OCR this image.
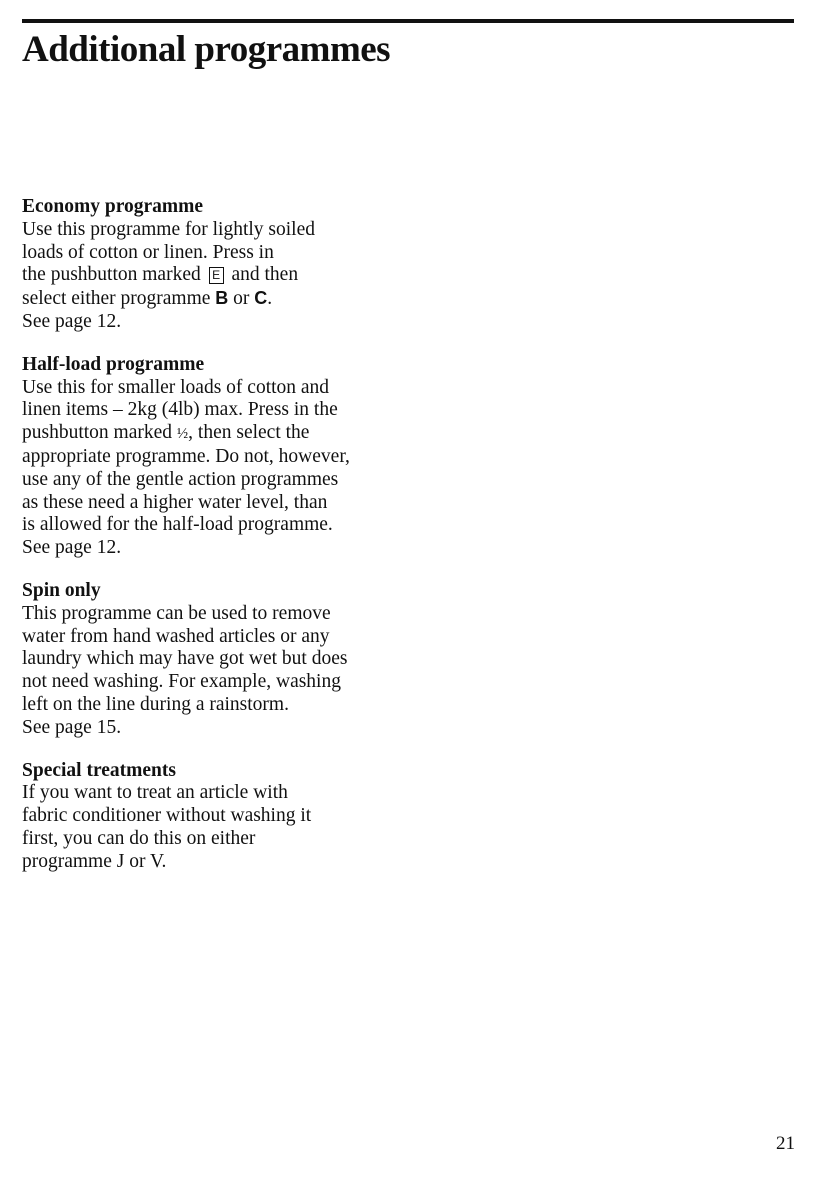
Additional programmes

Economy programme

Use this programme for lightly soiled
loads of cotton or linen. Press in
the pushbutton marked E and then
select either programme B or C.
See page 12.

Half-load programme

Use this for smaller loads of cotton and
linen items – 2kg (4lb) max. Press in the
pushbutton marked ½, then select the
appropriate programme. Do not, however,
use any of the gentle action programmes
as these need a higher water level, than
is allowed for the half-load programme.
See page 12.

Spin only

This programme can be used to remove
water from hand washed articles or any
laundry which may have got wet but does
not need washing. For example, washing
left on the line during a rainstorm.
See page 15.

Special treatments

If you want to treat an article with
fabric conditioner without washing it
first, you can do this on either
programme J or V.
21
